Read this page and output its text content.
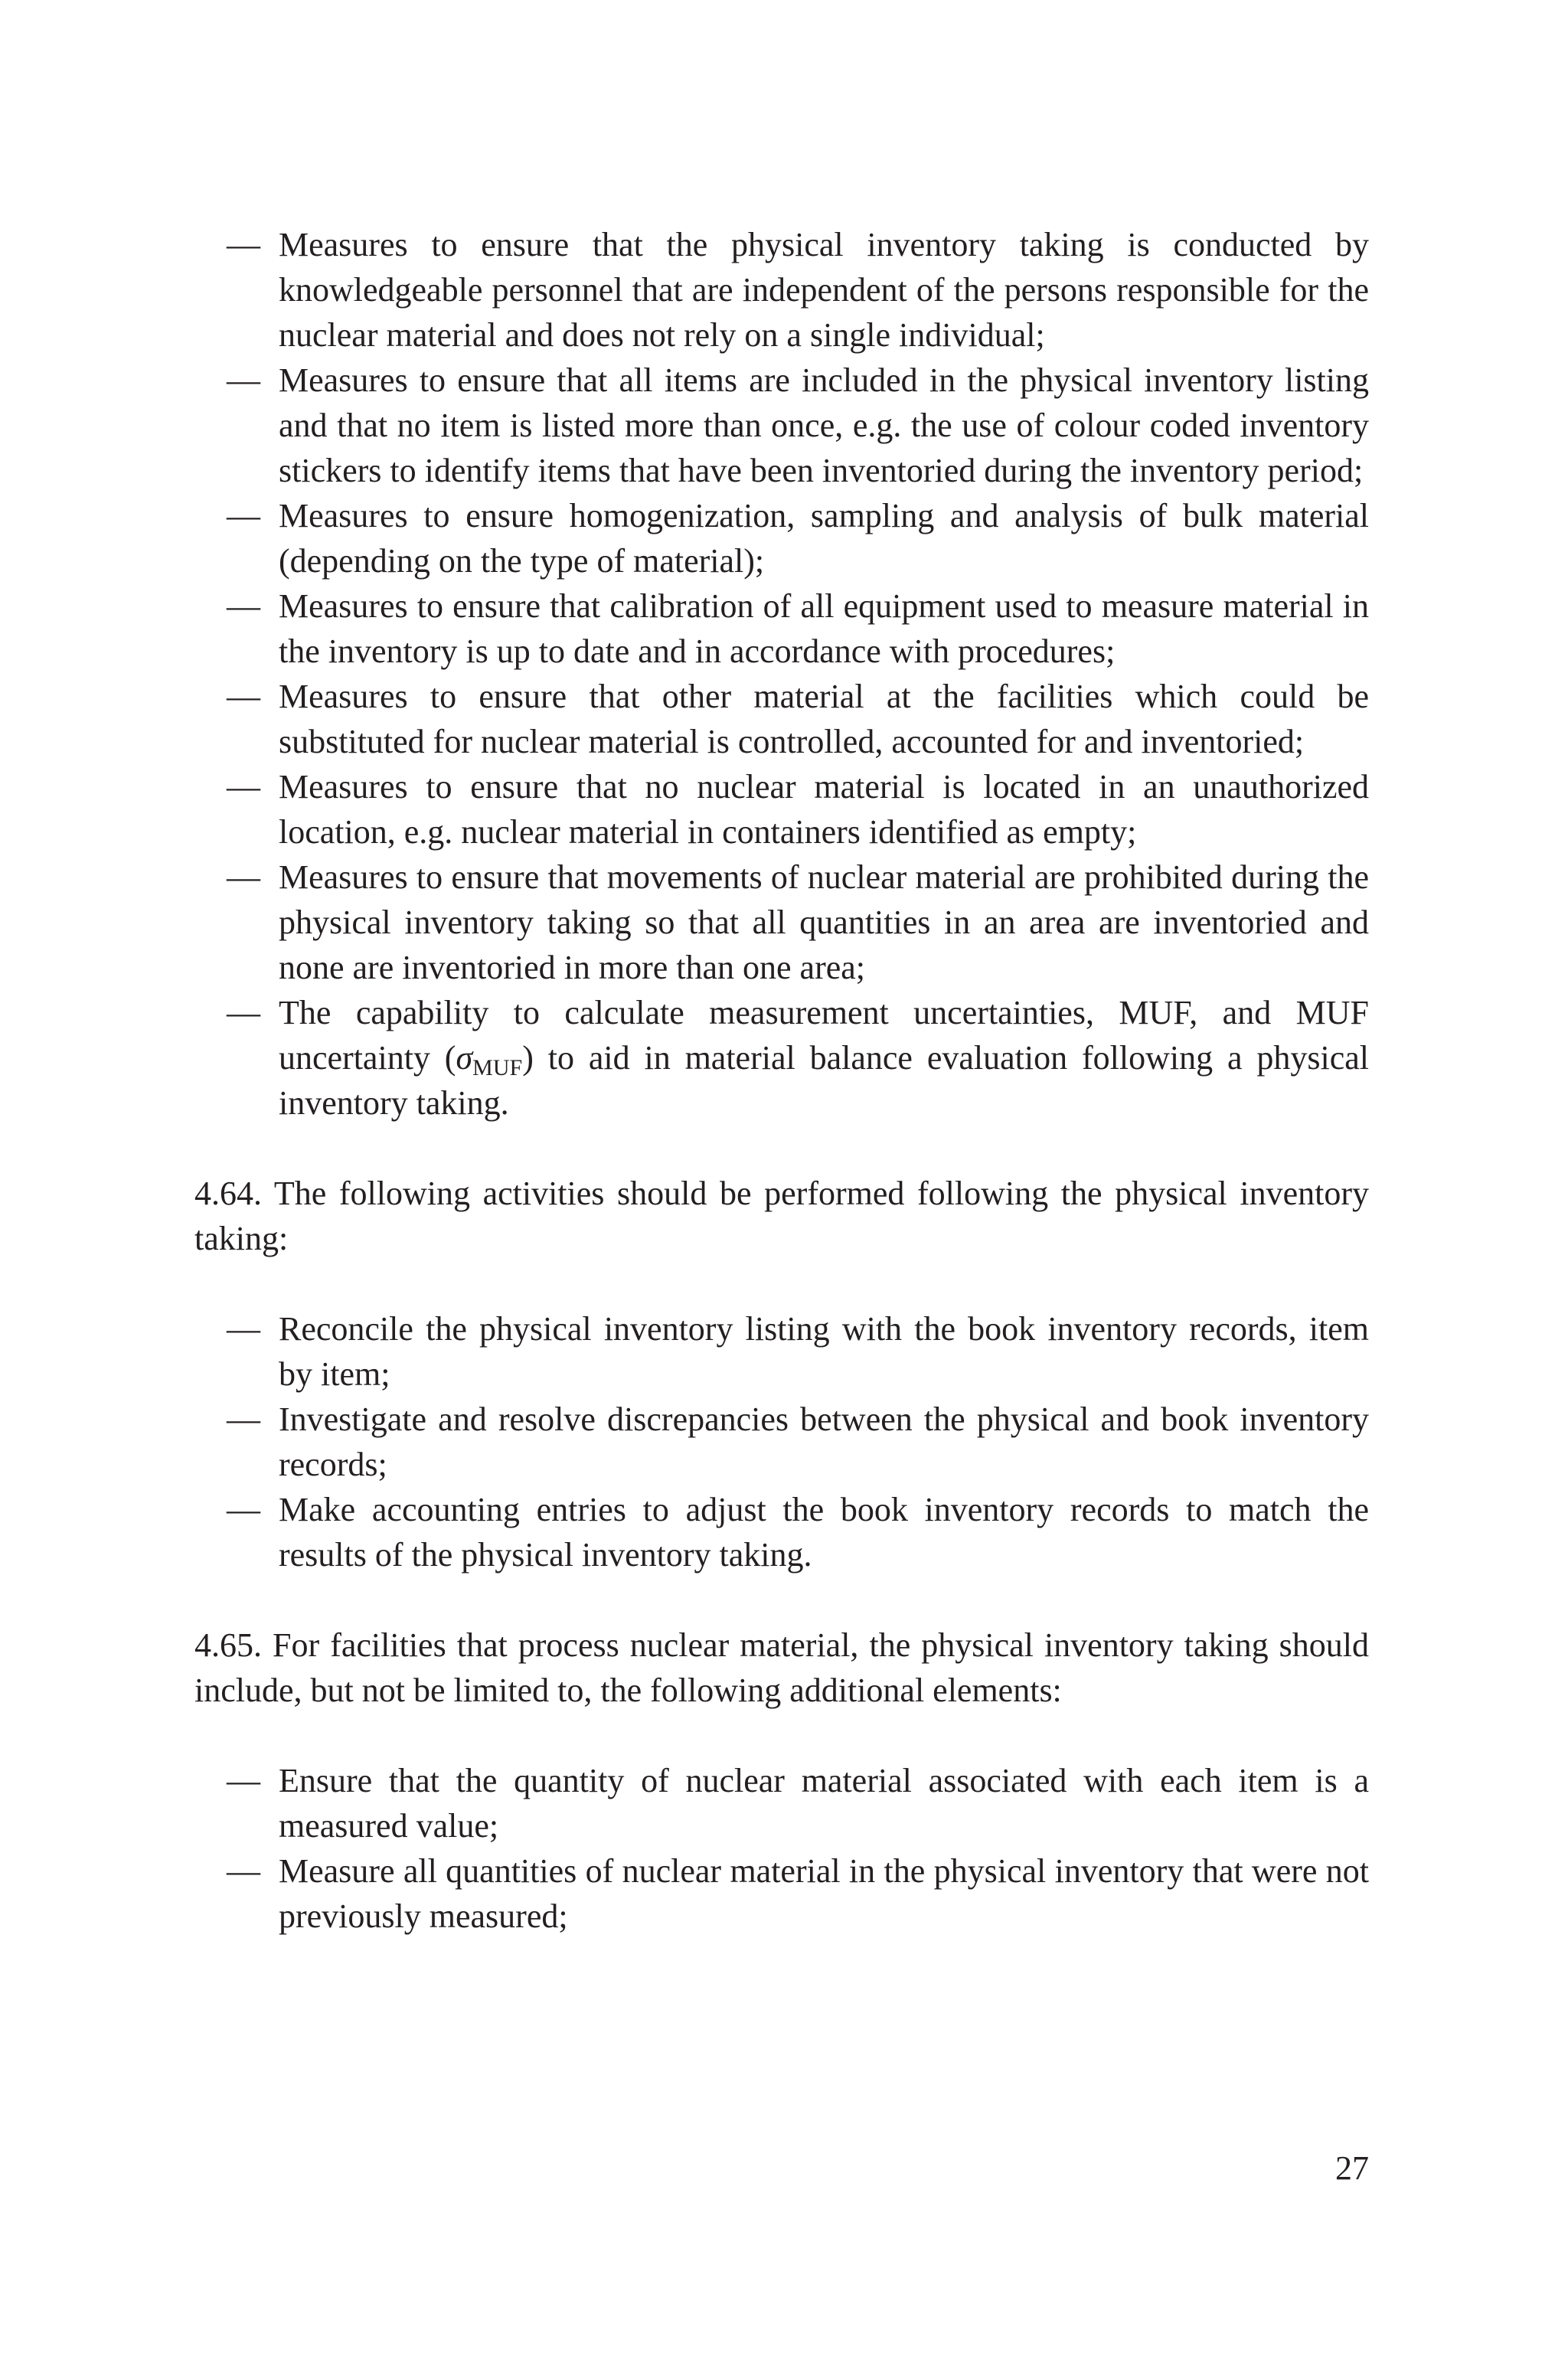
— Measures to ensure that the physical inventory taking is conducted by knowledgeable personnel that are independent of the persons responsible for the nuclear material and does not rely on a single individual;
— Measures to ensure that all items are included in the physical inventory listing and that no item is listed more than once, e.g. the use of colour coded inventory stickers to identify items that have been inventoried during the inventory period;
— Measures to ensure homogenization, sampling and analysis of bulk material (depending on the type of material);
— Measures to ensure that calibration of all equipment used to measure material in the inventory is up to date and in accordance with procedures;
— Measures to ensure that other material at the facilities which could be substituted for nuclear material is controlled, accounted for and inventoried;
— Measures to ensure that no nuclear material is located in an unauthorized location, e.g. nuclear material in containers identified as empty;
— Measures to ensure that movements of nuclear material are prohibited during the physical inventory taking so that all quantities in an area are inventoried and none are inventoried in more than one area;
— The capability to calculate measurement uncertainties, MUF, and MUF uncertainty $(\sigma_{MUF})$ to aid in material balance evaluation following a physical inventory taking.

4.64. The following activities should be performed following the physical inventory taking:

— Reconcile the physical inventory listing with the book inventory records, item by item;
— Investigate and resolve discrepancies between the physical and book inventory records;
— Make accounting entries to adjust the book inventory records to match the results of the physical inventory taking.

4.65. For facilities that process nuclear material, the physical inventory taking should include, but not be limited to, the following additional elements:

— Ensure that the quantity of nuclear material associated with each item is a measured value;
— Measure all quantities of nuclear material in the physical inventory that were not previously measured;
27
